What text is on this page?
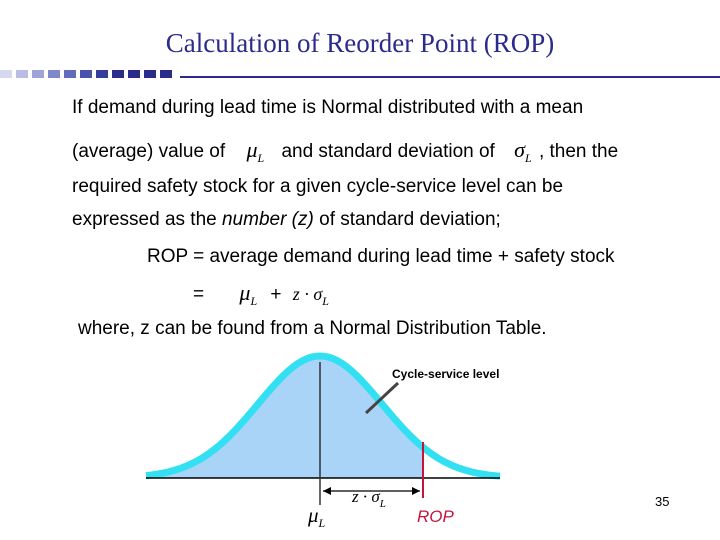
Calculation of Reorder Point (ROP)
If demand during lead time is Normal distributed with a mean
(average) value of $\mu_L$ and standard deviation of $\sigma_L$ , then the
required safety stock for a given cycle-service level can be
expressed as the number (z) of standard deviation;
ROP = average demand during lead time + safety stock
= $\mu_L + z \cdot \sigma_L$
where, z can be found from a Normal Distribution Table.
Cycle-service level
$z \cdot \sigma_L$
$\mu_L$	ROP
35
